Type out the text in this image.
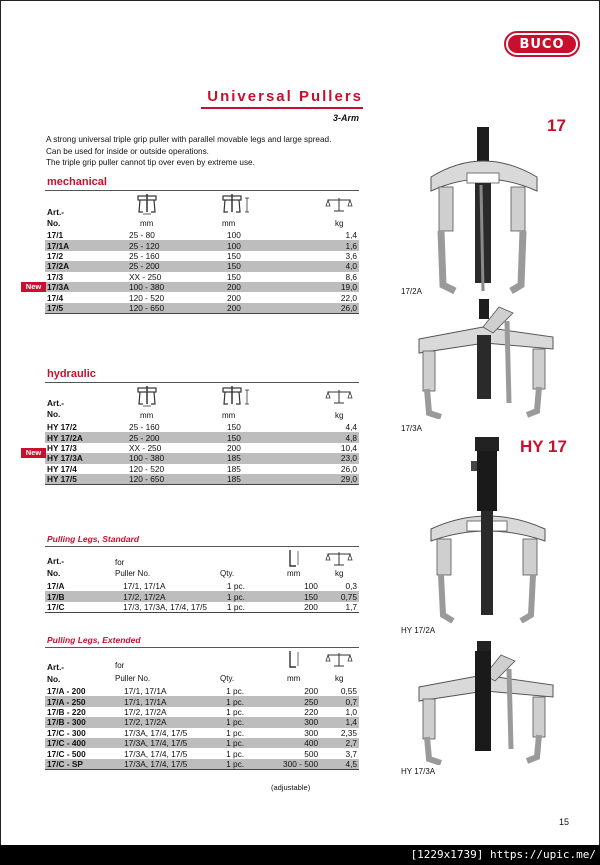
BUCO
Universal Pullers
3-Arm
A strong universal triple grip puller with parallel movable legs and large spread.
Can be used for inside or outside operations.
The triple grip puller cannot tip over even by extreme use.
mechanical
Art.-
No.	mm	mm	kg
17/1	25 - 80	100	1,4
17/1A	25 - 120	100	1,6
17/2	25 - 160	150	3,6
17/2A	25 - 200	150	4,0
17/3	XX - 250	150	8,6
17/3A	100 - 380	200	19,0
17/4	120 - 520	200	22,0
17/5	120 - 650	200	26,0
New
hydraulic
Art.-
No.	mm	mm	kg
HY 17/2	25 - 160	150	4,4
HY 17/2A	25 - 200	150	4,8
HY 17/3	XX - 250	200	10,4
HY 17/3A	100 - 380	185	23,0
HY 17/4	120 - 520	185	26,0
HY 17/5	120 - 650	185	29,0
New
Pulling Legs, Standard
Art.-
No.
for
Puller No.	Qty.	mm	kg
17/A	17/1, 17/1A	1 pc.	100	0,3
17/B	17/2, 17/2A	1 pc.	150	0,75
17/C	17/3, 17/3A, 17/4, 17/5	1 pc.	200	1,7
Pulling Legs, Extended
Art.-
No.
for
Puller No.	Qty.	mm	kg
17/A - 200	17/1, 17/1A	1 pc.	200	0,55
17/A - 250	17/1, 17/1A	1 pc.	250	0,7
17/B - 220	17/2, 17/2A	1 pc.	220	1,0
17/B - 300	17/2, 17/2A	1 pc.	300	1,4
17/C - 300	17/3A, 17/4, 17/5	1 pc.	300	2,35
17/C - 400	17/3A, 17/4, 17/5	1 pc.	400	2,7
17/C - 500	17/3A, 17/4, 17/5	1 pc.	500	3,7
17/C - SP	17/3A, 17/4, 17/5	1 pc.	300 - 500	4,5
(adjustable)
17
HY 17
17/2A
17/3A
HY 17/2A
HY 17/3A
15
[1229x1739] https://upic.me/
